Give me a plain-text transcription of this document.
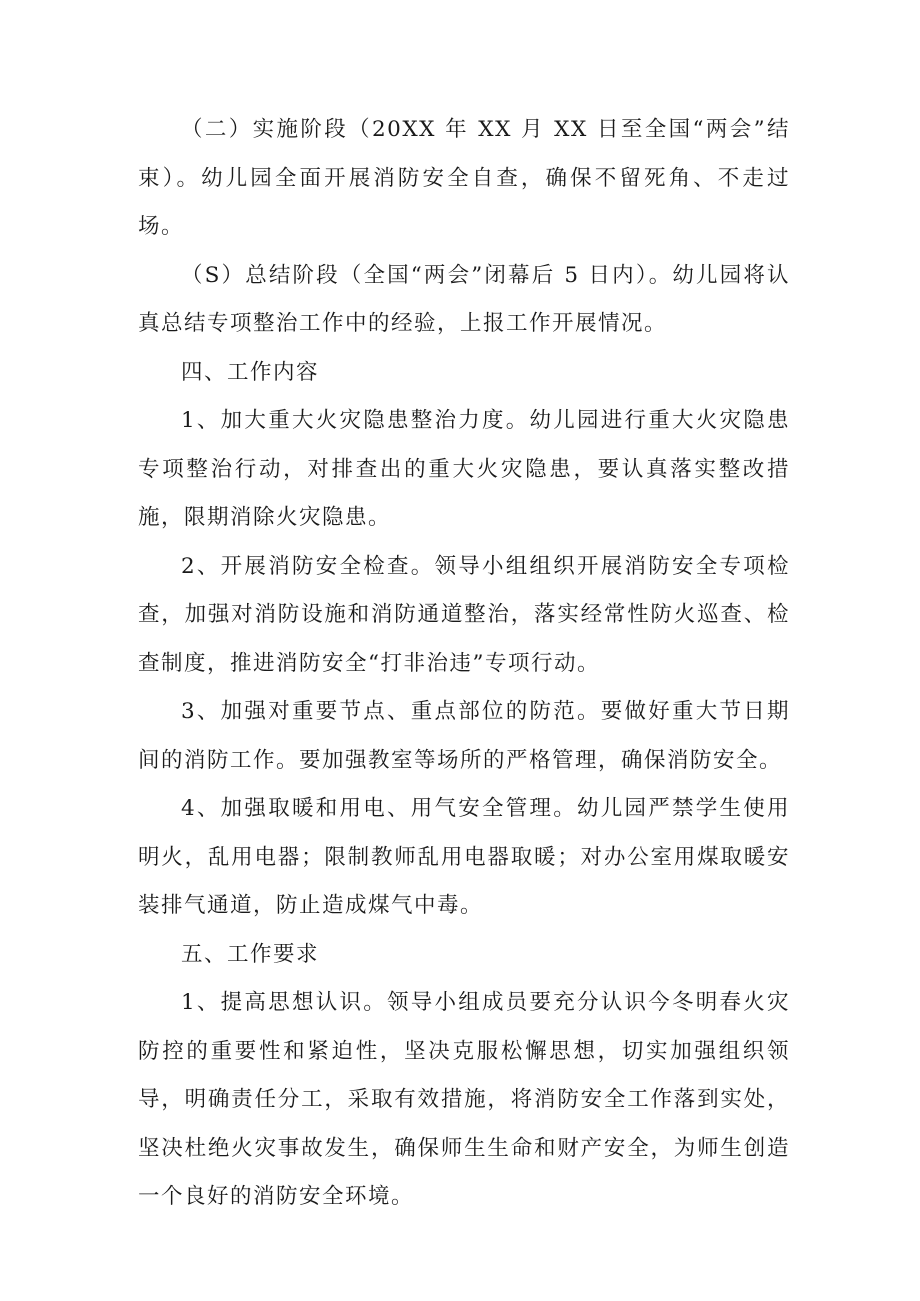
（二）实施阶段（20XX 年 XX 月 XX 日至全国“两会”结束）。幼儿园全面开展消防安全自查，确保不留死角、不走过场。

（S）总结阶段（全国“两会”闭幕后 5 日内）。幼儿园将认真总结专项整治工作中的经验，上报工作开展情况。

四、工作内容

1、加大重大火灾隐患整治力度。幼儿园进行重大火灾隐患专项整治行动，对排查出的重大火灾隐患，要认真落实整改措施，限期消除火灾隐患。

2、开展消防安全检查。领导小组组织开展消防安全专项检查，加强对消防设施和消防通道整治，落实经常性防火巡查、检查制度，推进消防安全“打非治违”专项行动。

3、加强对重要节点、重点部位的防范。要做好重大节日期间的消防工作。要加强教室等场所的严格管理，确保消防安全。

4、加强取暖和用电、用气安全管理。幼儿园严禁学生使用明火，乱用电器；限制教师乱用电器取暖；对办公室用煤取暖安装排气通道，防止造成煤气中毒。

五、工作要求

1、提高思想认识。领导小组成员要充分认识今冬明春火灾防控的重要性和紧迫性，坚决克服松懈思想，切实加强组织领导，明确责任分工，采取有效措施，将消防安全工作落到实处，坚决杜绝火灾事故发生，确保师生生命和财产安全，为师生创造一个良好的消防安全环境。
